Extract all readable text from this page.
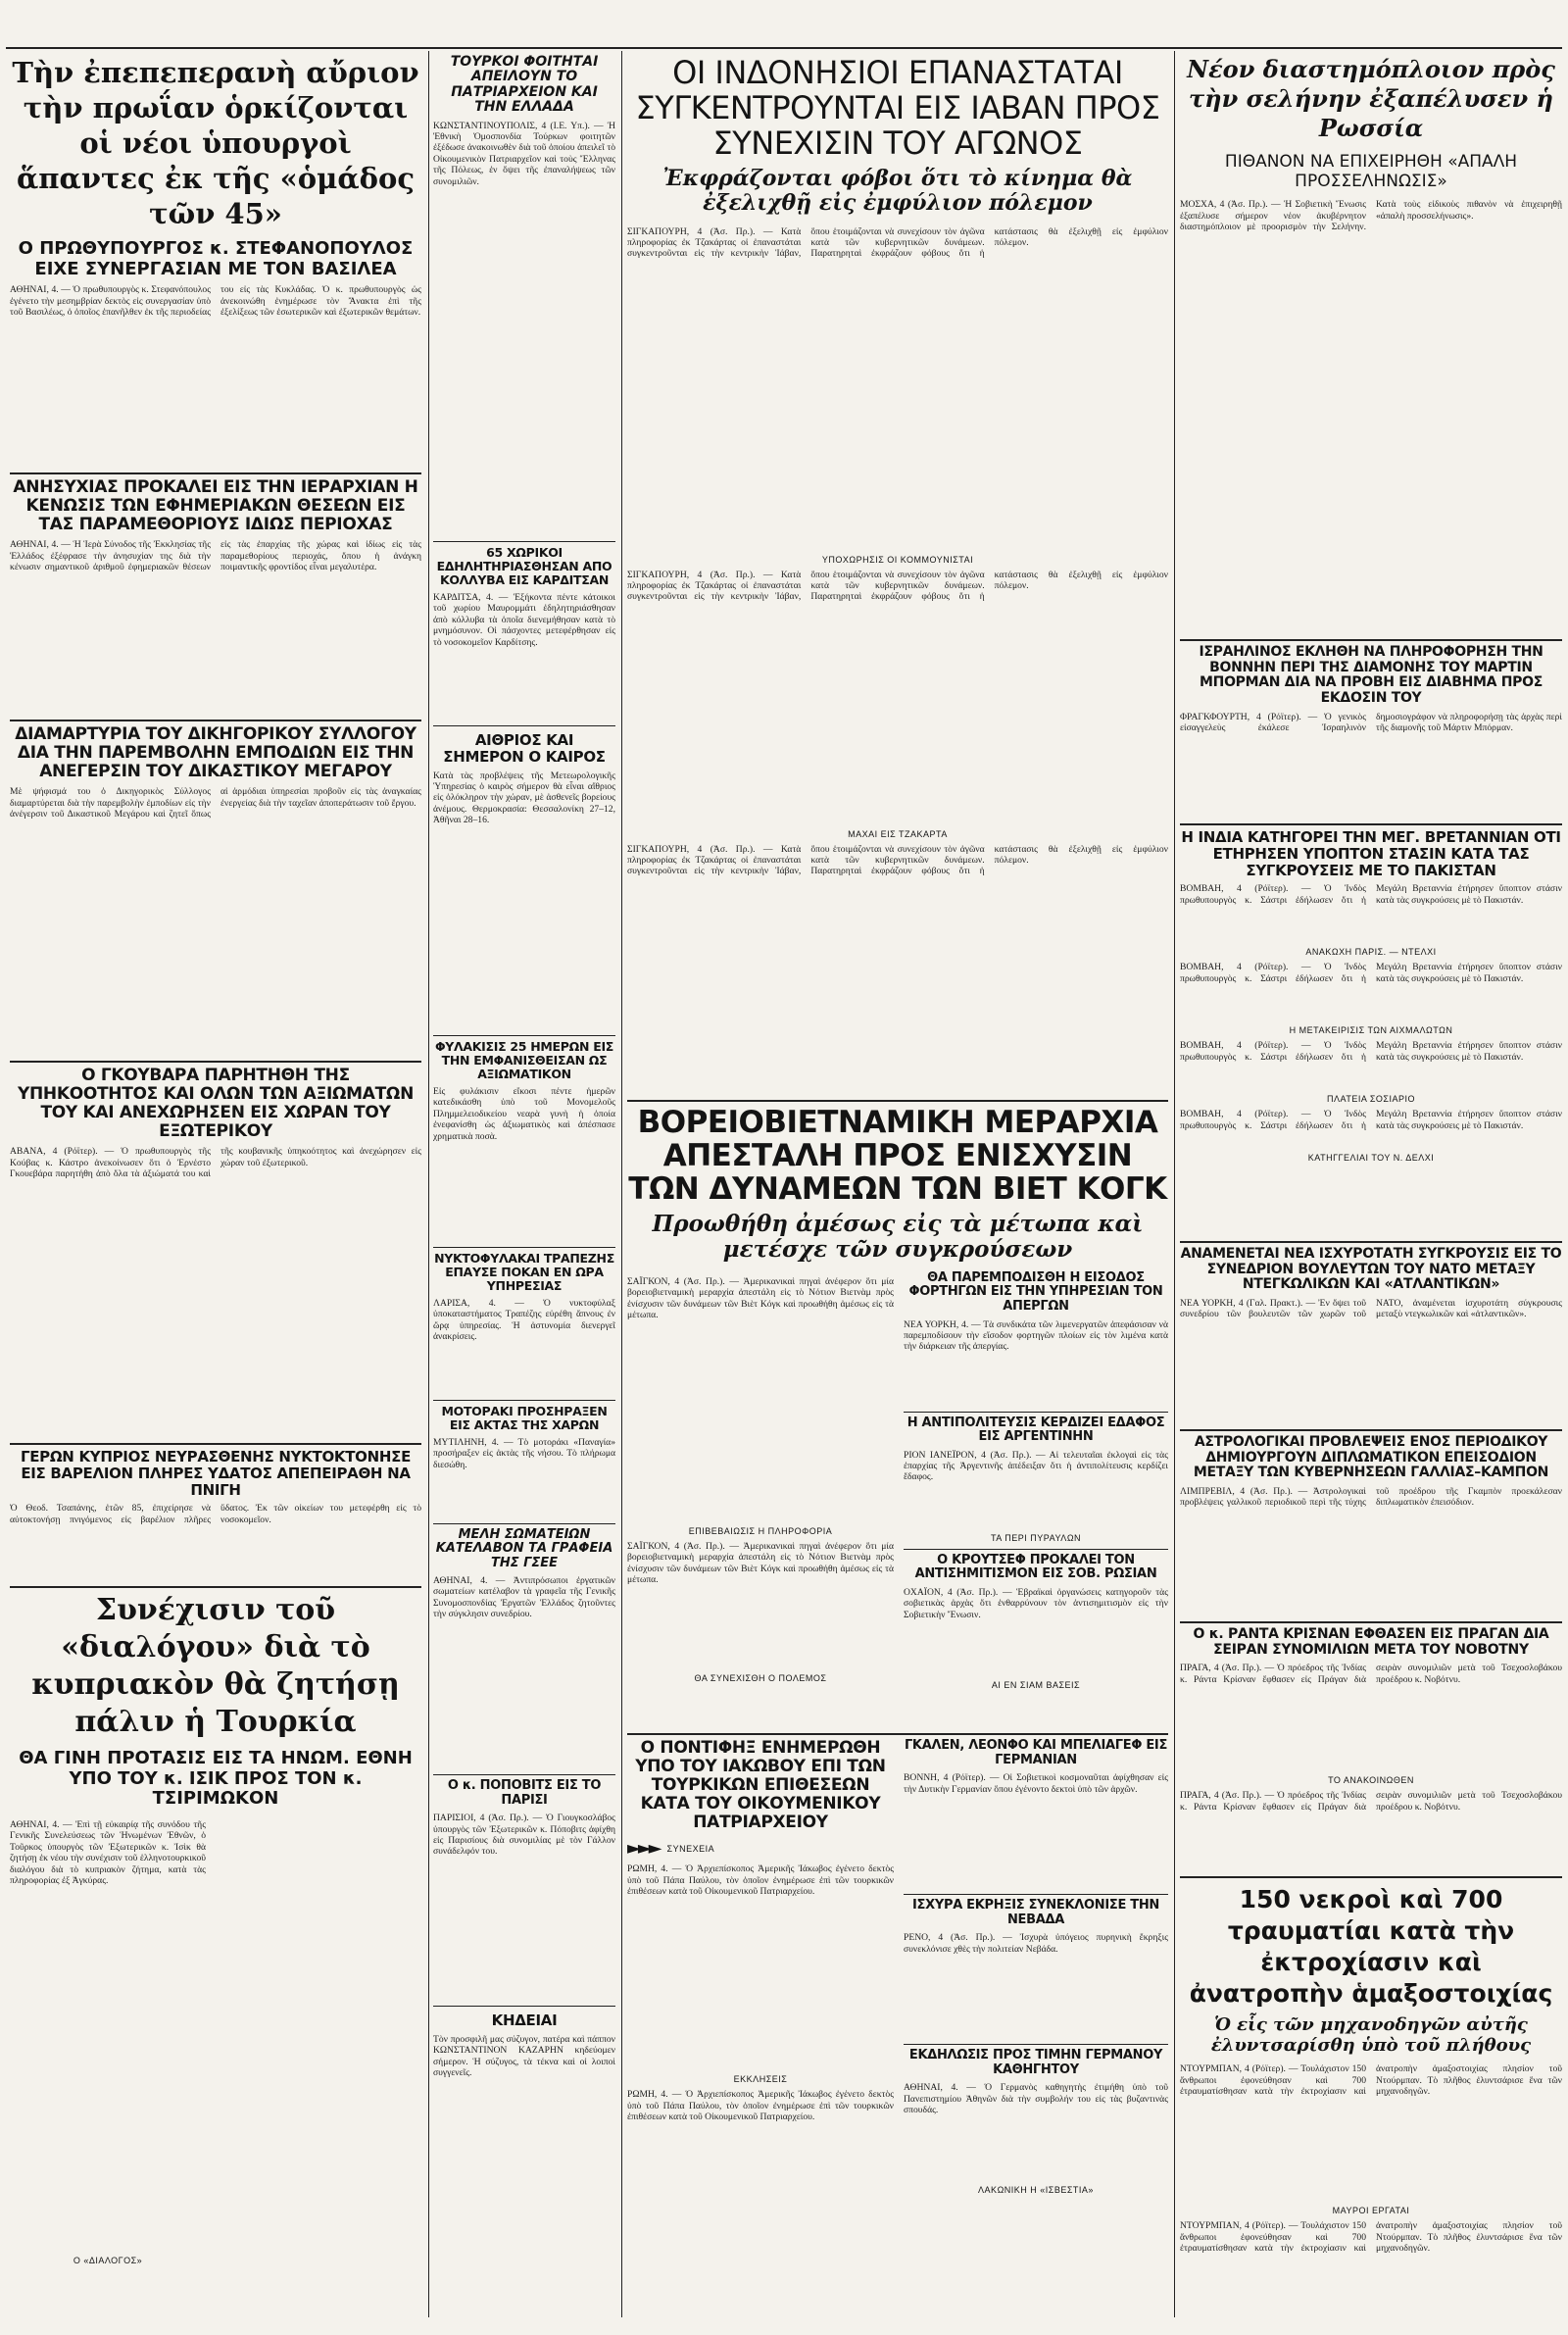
Τὴν ἐπεπεπερανὴ αὔριον τὴν πρωΐαν ὁρκίζονται οἱ νέοι ὑπουργοὶ ἅπαντες ἐκ τῆς «ὁμάδος τῶν 45»
Ο ΠΡΩΘΥΠΟΥΡΓΟΣ κ. ΣΤΕΦΑΝΟΠΟΥΛΟΣ ΕΙΧΕ ΣΥΝΕΡΓΑΣΙΑΝ ΜΕ ΤΟΝ ΒΑΣΙΛΕΑ

ΑΘΗΝΑΙ, 4. — Ὁ πρωθυπουργὸς κ. Στεφανόπουλος ἐγένετο τὴν μεσημβρίαν δεκτὸς εἰς συνεργασίαν ὑπὸ τοῦ Βασιλέως, ὁ ὁποῖος ἐπανῆλθεν ἐκ τῆς περιοδείας του εἰς τὰς Κυκλάδας. Ὁ κ. πρωθυπουργὸς ὡς ἀνεκοινώθη ἐνημέρωσε τὸν Ἄνακτα ἐπὶ τῆς ἐξελίξεως τῶν ἐσωτερικῶν καὶ ἐξωτερικῶν θεμάτων.

ΑΝΗΣΥΧΙΑΣ ΠΡΟΚΑΛΕΙ ΕΙΣ ΤΗΝ ΙΕΡΑΡΧΙΑΝ Η ΚΕΝΩΣΙΣ ΤΩΝ ΕΦΗΜΕΡΙΑΚΩΝ ΘΕΣΕΩΝ ΕΙΣ ΤΑΣ ΠΑΡΑΜΕΘΟΡΙΟΥΣ ΙΔΙΩΣ ΠΕΡΙΟΧΑΣ

ΑΘΗΝΑΙ, 4. — Ἡ Ἱερὰ Σύνοδος τῆς Ἐκκλησίας τῆς Ἑλλάδος ἐξέφρασε τὴν ἀνησυχίαν της διὰ τὴν κένωσιν σημαντικοῦ ἀριθμοῦ ἐφημεριακῶν θέσεων εἰς τὰς ἐπαρχίας τῆς χώρας καὶ ἰδίως εἰς τὰς παραμεθορίους περιοχάς, ὅπου ἡ ἀνάγκη ποιμαντικῆς φροντίδος εἶναι μεγαλυτέρα.

ΔΙΑΜΑΡΤΥΡΙΑ ΤΟΥ ΔΙΚΗΓΟΡΙΚΟΥ ΣΥΛΛΟΓΟΥ ΔΙΑ ΤΗΝ ΠΑΡΕΜΒΟΛΗΝ ΕΜΠΟΔΙΩΝ ΕΙΣ ΤΗΝ ΑΝΕΓΕΡΣΙΝ ΤΟΥ ΔΙΚΑΣΤΙΚΟΥ ΜΕΓΑΡΟΥ

Μὲ ψήφισμά του ὁ Δικηγορικὸς Σύλλογος διαμαρτύρεται διὰ τὴν παρεμβολὴν ἐμποδίων εἰς τὴν ἀνέγερσιν τοῦ Δικαστικοῦ Μεγάρου καὶ ζητεῖ ὅπως αἱ ἁρμόδιαι ὑπηρεσίαι προβοῦν εἰς τὰς ἀναγκαίας ἐνεργείας διὰ τὴν ταχεῖαν ἀποπεράτωσιν τοῦ ἔργου.

Ο ΓΚΟΥΒΑΡΑ ΠΑΡΗΤΗΘΗ ΤΗΣ ΥΠΗΚΟΟΤΗΤΟΣ ΚΑΙ ΟΛΩΝ ΤΩΝ ΑΞΙΩΜΑΤΩΝ ΤΟΥ ΚΑΙ ΑΝΕΧΩΡΗΣΕΝ ΕΙΣ ΧΩΡΑΝ ΤΟΥ ΕΞΩΤΕΡΙΚΟΥ

ΑΒΑΝΑ, 4 (Ρόϊτερ). — Ὁ πρωθυπουργὸς τῆς Κούβας κ. Κάστρο ἀνεκοίνωσεν ὅτι ὁ Ἐρνέστο Γκουεβάρα παρητήθη ἀπὸ ὅλα τὰ ἀξιώματά του καὶ τῆς κουβανικῆς ὑπηκοότητος καὶ ἀνεχώρησεν εἰς χώραν τοῦ ἐξωτερικοῦ.

ΓΕΡΩΝ ΚΥΠΡΙΟΣ ΝΕΥΡΑΣΘΕΝΗΣ ΝΥΚΤΟΚΤΟΝΗΣΕ ΕΙΣ ΒΑΡΕΛΙΟΝ ΠΛΗΡΕΣ ΥΔΑΤΟΣ ΑΠΕΠΕΙΡΑΘΗ ΝΑ ΠΝΙΓΗ

Ὁ Θεοδ. Τσαπάνης, ἐτῶν 85, ἐπιχείρησε νὰ αὐτοκτονήσῃ πνιγόμενος εἰς βαρέλιον πλῆρες ὕδατος. Ἐκ τῶν οἰκείων του μετεφέρθη εἰς τὸ νοσοκομεῖον.

Συνέχισιν τοῦ «διαλόγου» διὰ τὸ κυπριακὸν θὰ ζητήσῃ πάλιν ἡ Τουρκία
ΘΑ ΓΙΝΗ ΠΡΟΤΑΣΙΣ ΕΙΣ ΤΑ ΗΝΩΜ. ΕΘΝΗ ΥΠΟ ΤΟΥ κ. ΙΣΙΚ ΠΡΟΣ ΤΟΝ κ. ΤΣΙΡΙΜΩΚΟΝ

ΑΘΗΝΑΙ, 4. — Ἐπὶ τῇ εὐκαιρίᾳ τῆς συνόδου τῆς Γενικῆς Συνελεύσεως τῶν Ἡνωμένων Ἐθνῶν, ὁ Τοῦρκος ὑπουργὸς τῶν Ἐξωτερικῶν κ. Ἰσὶκ θὰ ζητήσῃ ἐκ νέου τὴν συνέχισιν τοῦ ἑλληνοτουρκικοῦ διαλόγου διὰ τὸ κυπριακὸν ζήτημα, κατὰ τὰς πληροφορίας ἐξ Ἀγκύρας.

Ο «ΔΙΑΛΟΓΟΣ»
ΤΟΥΡΚΟΙ ΦΟΙΤΗΤΑΙ ΑΠΕΙΛΟΥΝ ΤΟ ΠΑΤΡΙΑΡΧΕΙΟΝ ΚΑΙ ΤΗΝ ΕΛΛΑΔΑ

ΚΩΝΣΤΑΝΤΙΝΟΥΠΟΛΙΣ, 4 (Ι.Ε. Υπ.). — Ἡ Ἐθνικὴ Ὁμοσπονδία Τούρκων φοιτητῶν ἐξέδωσε ἀνακοινωθὲν διὰ τοῦ ὁποίου ἀπειλεῖ τὸ Οἰκουμενικὸν Πατριαρχεῖον καὶ τοὺς Ἕλληνας τῆς Πόλεως, ἐν ὄψει τῆς ἐπαναλήψεως τῶν συνομιλιῶν.

65 ΧΩΡΙΚΟΙ ΕΔΗΛΗΤΗΡΙΑΣΘΗΣΑΝ ΑΠΟ ΚΟΛΛΥΒΑ ΕΙΣ ΚΑΡΔΙΤΣΑΝ

ΚΑΡΔΙΤΣΑ, 4. — Ἑξήκοντα πέντε κάτοικοι τοῦ χωρίου Μαυρομμάτι ἐδηλητηριάσθησαν ἀπὸ κόλλυβα τὰ ὁποῖα διενεμήθησαν κατὰ τὸ μνημόσυνον. Οἱ πάσχοντες μετεφέρθησαν εἰς τὸ νοσοκομεῖον Καρδίτσης.

ΑΙΘΡΙΟΣ ΚΑΙ ΣΗΜΕΡΟΝ Ο ΚΑΙΡΟΣ

Κατὰ τὰς προβλέψεις τῆς Μετεωρολογικῆς Ὑπηρεσίας ὁ καιρὸς σήμερον θὰ εἶναι αἴθριος εἰς ὁλόκληρον τὴν χώραν, μὲ ἀσθενεῖς βορείους ἀνέμους. Θερμοκρασία: Θεσσαλονίκη 27–12, Ἀθῆναι 28–16.

ΦΥΛΑΚΙΣΙΣ 25 ΗΜΕΡΩΝ ΕΙΣ ΤΗΝ ΕΜΦΑΝΙΣΘΕΙΣΑΝ ΩΣ ΑΞΙΩΜΑΤΙΚΟΝ

Εἰς φυλάκισιν εἴκοσι πέντε ἡμερῶν κατεδικάσθη ὑπὸ τοῦ Μονομελοῦς Πλημμελειοδικείου νεαρὰ γυνὴ ἡ ὁποία ἐνεφανίσθη ὡς ἀξιωματικὸς καὶ ἀπέσπασε χρηματικὰ ποσὰ.

ΝΥΚΤΟΦΥΛΑΚΑΙ ΤΡΑΠΕΖΗΣ ΕΠΑΥΣΕ ΠΟΚΑΝ ΕΝ ΩΡΑ ΥΠΗΡΕΣΙΑΣ

ΛΑΡΙΣΑ, 4. — Ὁ νυκτοφύλαξ ὑποκαταστήματος Τραπέζης εὑρέθη ἄπνους ἐν ὥρᾳ ὑπηρεσίας. Ἡ ἀστυνομία διενεργεῖ ἀνακρίσεις.

ΜΟΤΟΡΑΚΙ ΠΡΟΣΗΡΑΞΕΝ ΕΙΣ ΑΚΤΑΣ ΤΗΣ ΧΑΡΩΝ

ΜΥΤΙΛΗΝΗ, 4. — Τὸ μοτοράκι «Παναγία» προσήραξεν εἰς ἀκτὰς τῆς νήσου. Τὸ πλήρωμα διεσώθη.

ΜΕΛΗ ΣΩΜΑΤΕΙΩΝ ΚΑΤΕΛΑΒΟΝ ΤΑ ΓΡΑΦΕΙΑ ΤΗΣ ΓΣΕΕ

ΑΘΗΝΑΙ, 4. — Ἀντιπρόσωποι ἐργατικῶν σωματείων κατέλαβον τὰ γραφεῖα τῆς Γενικῆς Συνομοσπονδίας Ἐργατῶν Ἑλλάδος ζητοῦντες τὴν σύγκλησιν συνεδρίου.

Ο κ. ΠΟΠΟΒΙΤΣ ΕΙΣ ΤΟ ΠΑΡΙΣΙ

ΠΑΡΙΣΙΟΙ, 4 (Ἀσ. Πρ.). — Ὁ Γιουγκοσλάβος ὑπουργὸς τῶν Ἐξωτερικῶν κ. Πόποβιτς ἀφίχθη εἰς Παρισίους διὰ συνομιλίας μὲ τὸν Γάλλον συνάδελφόν του.

ΚΗΔΕΙΑΙ

Τὸν προσφιλῆ μας σύζυγον, πατέρα καὶ πάππον ΚΩΝΣΤΑΝΤΙΝΟΝ ΚΑΖΑΡΗΝ κηδεύομεν σήμερον. Ἡ σύζυγος, τὰ τέκνα καὶ οἱ λοιποὶ συγγενεῖς.

ΟΙ ΙΝΔΟΝΗΣΙΟΙ ΕΠΑΝΑΣΤΑΤΑΙ ΣΥΓΚΕΝΤΡΟΥΝΤΑΙ ΕΙΣ ΙΑΒΑΝ ΠΡΟΣ ΣΥΝΕΧΙΣΙΝ ΤΟΥ ΑΓΩΝΟΣ
Ἐκφράζονται φόβοι ὅτι τὸ κίνημα θὰ ἐξελιχθῇ εἰς ἐμφύλιον πόλεμον

ΣΙΓΚΑΠΟΥΡΗ, 4 (Ἀσ. Πρ.). — Κατὰ πληροφορίας ἐκ Τζακάρτας οἱ ἐπαναστάται συγκεντροῦνται εἰς τὴν κεντρικὴν Ἰάβαν, ὅπου ἑτοιμάζονται νὰ συνεχίσουν τὸν ἀγῶνα κατὰ τῶν κυβερνητικῶν δυνάμεων. Παρατηρηταὶ ἐκφράζουν φόβους ὅτι ἡ κατάστασις θὰ ἐξελιχθῇ εἰς ἐμφύλιον πόλεμον.

ΥΠΟΧΩΡΗΣΙΣ ΟΙ ΚΟΜΜΟΥΝΙΣΤΑΙ

ΣΙΓΚΑΠΟΥΡΗ, 4 (Ἀσ. Πρ.). — Κατὰ πληροφορίας ἐκ Τζακάρτας οἱ ἐπαναστάται συγκεντροῦνται εἰς τὴν κεντρικὴν Ἰάβαν, ὅπου ἑτοιμάζονται νὰ συνεχίσουν τὸν ἀγῶνα κατὰ τῶν κυβερνητικῶν δυνάμεων. Παρατηρηταὶ ἐκφράζουν φόβους ὅτι ἡ κατάστασις θὰ ἐξελιχθῇ εἰς ἐμφύλιον πόλεμον.

ΜΑΧΑΙ ΕΙΣ ΤΖΑΚΑΡΤΑ

ΣΙΓΚΑΠΟΥΡΗ, 4 (Ἀσ. Πρ.). — Κατὰ πληροφορίας ἐκ Τζακάρτας οἱ ἐπαναστάται συγκεντροῦνται εἰς τὴν κεντρικὴν Ἰάβαν, ὅπου ἑτοιμάζονται νὰ συνεχίσουν τὸν ἀγῶνα κατὰ τῶν κυβερνητικῶν δυνάμεων. Παρατηρηταὶ ἐκφράζουν φόβους ὅτι ἡ κατάστασις θὰ ἐξελιχθῇ εἰς ἐμφύλιον πόλεμον.

ΒΟΡΕΙΟΒΙΕΤΝΑΜΙΚΗ ΜΕΡΑΡΧΙΑ ΑΠΕΣΤΑΛΗ ΠΡΟΣ ΕΝΙΣΧΥΣΙΝ ΤΩΝ ΔΥΝΑΜΕΩΝ ΤΩΝ ΒΙΕΤ ΚΟΓΚ
Προωθήθη ἀμέσως εἰς τὰ μέτωπα καὶ μετέσχε τῶν συγκρούσεων

ΣΑΪΓΚΟΝ, 4 (Ἀσ. Πρ.). — Ἀμερικανικαὶ πηγαὶ ἀνέφερον ὅτι μία βορειοβιετναμικὴ μεραρχία ἀπεστάλη εἰς τὸ Νότιον Βιετνὰμ πρὸς ἐνίσχυσιν τῶν δυνάμεων τῶν Βιὲτ Κόγκ καὶ προωθήθη ἀμέσως εἰς τὰ μέτωπα.

ΕΠΙΒΕΒΑΙΩΣΙΣ Η ΠΛΗΡΟΦΟΡΙΑ

ΣΑΪΓΚΟΝ, 4 (Ἀσ. Πρ.). — Ἀμερικανικαὶ πηγαὶ ἀνέφερον ὅτι μία βορειοβιετναμικὴ μεραρχία ἀπεστάλη εἰς τὸ Νότιον Βιετνὰμ πρὸς ἐνίσχυσιν τῶν δυνάμεων τῶν Βιὲτ Κόγκ καὶ προωθήθη ἀμέσως εἰς τὰ μέτωπα.

ΘΑ ΣΥΝΕΧΙΣΘΗ Ο ΠΟΛΕΜΟΣ
ΘΑ ΠΑΡΕΜΠΟΔΙΣΘΗ Η ΕΙΣΟΔΟΣ ΦΟΡΤΗΓΩΝ ΕΙΣ ΤΗΝ ΥΠΗΡΕΣΙΑΝ ΤΟΝ ΑΠΕΡΓΩΝ

ΝΕΑ ΥΟΡΚΗ, 4. — Τὰ συνδικάτα τῶν λιμενεργατῶν ἀπεφάσισαν νὰ παρεμποδίσουν τὴν εἴσοδον φορτηγῶν πλοίων εἰς τὸν λιμένα κατὰ τὴν διάρκειαν τῆς ἀπεργίας.

Η ΑΝΤΙΠΟΛΙΤΕΥΣΙΣ ΚΕΡΔΙΖΕΙ ΕΔΑΦΟΣ ΕΙΣ ΑΡΓΕΝΤΙΝΗΝ

ΡΙΟΝ ΙΑΝΕΪΡΟΝ, 4 (Ἀσ. Πρ.). — Αἱ τελευταῖαι ἐκλογαὶ εἰς τὰς ἐπαρχίας τῆς Ἀργεντινῆς ἀπέδειξαν ὅτι ἡ ἀντιπολίτευσις κερδίζει ἔδαφος.

ΤΑ ΠΕΡΙ ΠΥΡΑΥΛΩΝ
Ο ΚΡΟΥΤΣΕΦ ΠΡΟΚΑΛΕΙ ΤΟΝ ΑΝΤΙΣΗΜΙΤΙΣΜΟΝ ΕΙΣ ΣΟΒ. ΡΩΣΙΑΝ

ΟΧΑΪΟΝ, 4 (Ἀσ. Πρ.). — Ἑβραϊκαὶ ὀργανώσεις κατηγοροῦν τὰς σοβιετικὰς ἀρχὰς ὅτι ἐνθαρρύνουν τὸν ἀντισημιτισμὸν εἰς τὴν Σοβιετικὴν Ἕνωσιν.

ΑΙ ΕΝ ΣΙΑΜ ΒΑΣΕΙΣ
Ο ΠΟΝΤΙΦΗΞ ΕΝΗΜΕΡΩΘΗ ΥΠΟ ΤΟΥ ΙΑΚΩΒΟΥ ΕΠΙ ΤΩΝ ΤΟΥΡΚΙΚΩΝ ΕΠΙΘΕΣΕΩΝ ΚΑΤΑ ΤΟΥ ΟΙΚΟΥΜΕΝΙΚΟΥ ΠΑΤΡΙΑΡΧΕΙΟΥ
►►► ΣΥΝΕΧΕΙΑ

ΡΩΜΗ, 4. — Ὁ Ἀρχιεπίσκοπος Ἀμερικῆς Ἰάκωβος ἐγένετο δεκτὸς ὑπὸ τοῦ Πάπα Παύλου, τὸν ὁποῖον ἐνημέρωσε ἐπὶ τῶν τουρκικῶν ἐπιθέσεων κατὰ τοῦ Οἰκουμενικοῦ Πατριαρχείου.

ΕΚΚΛΗΣΕΙΣ

ΡΩΜΗ, 4. — Ὁ Ἀρχιεπίσκοπος Ἀμερικῆς Ἰάκωβος ἐγένετο δεκτὸς ὑπὸ τοῦ Πάπα Παύλου, τὸν ὁποῖον ἐνημέρωσε ἐπὶ τῶν τουρκικῶν ἐπιθέσεων κατὰ τοῦ Οἰκουμενικοῦ Πατριαρχείου.

ΓΚΑΛΕΝ, ΛΕΟΝΦΟ ΚΑΙ ΜΠΕΛΙΑΓΕΦ ΕΙΣ ΓΕΡΜΑΝΙΑΝ

ΒΟΝΝΗ, 4 (Ρόϊτερ). — Οἱ Σοβιετικοὶ κοσμοναῦται ἀφίχθησαν εἰς τὴν Δυτικὴν Γερμανίαν ὅπου ἐγένοντο δεκτοὶ ὑπὸ τῶν ἀρχῶν.

ΙΣΧΥΡΑ ΕΚΡΗΞΙΣ ΣΥΝΕΚΛΟΝΙΣΕ ΤΗΝ ΝΕΒΑΔΑ

ΡΕΝΟ, 4 (Ἀσ. Πρ.). — Ἰσχυρὰ ὑπόγειος πυρηνικὴ ἔκρηξις συνεκλόνισε χθὲς τὴν πολιτείαν Νεβάδα.

ΕΚΔΗΛΩΣΙΣ ΠΡΟΣ ΤΙΜΗΝ ΓΕΡΜΑΝΟΥ ΚΑΘΗΓΗΤΟΥ

ΑΘΗΝΑΙ, 4. — Ὁ Γερμανὸς καθηγητὴς ἐτιμήθη ὑπὸ τοῦ Πανεπιστημίου Ἀθηνῶν διὰ τὴν συμβολήν του εἰς τὰς βυζαντινὰς σπουδάς.

ΛΑΚΩΝΙΚΗ Η «ΙΣΒΕΣΤΙΑ»
Νέον διαστημόπλοιον πρὸς τὴν σελήνην ἐξαπέλυσεν ἡ Ρωσσία
ΠΙΘΑΝΟΝ ΝΑ ΕΠΙΧΕΙΡΗΘΗ «ΑΠΑΛΗ ΠΡΟΣΣΕΛΗΝΩΣΙΣ»

ΜΟΣΧΑ, 4 (Ἀσ. Πρ.). — Ἡ Σοβιετικὴ Ἕνωσις ἐξαπέλυσε σήμερον νέον ἀκυβέρνητον διαστημόπλοιον μὲ προορισμὸν τὴν Σελήνην. Κατὰ τοὺς εἰδικοὺς πιθανὸν νὰ ἐπιχειρηθῇ «ἀπαλὴ προσσελήνωσις».

ΙΣΡΑΗΛΙΝΟΣ ΕΚΛΗΘΗ ΝΑ ΠΛΗΡΟΦΟΡΗΣΗ ΤΗΝ ΒΟΝΝΗΝ ΠΕΡΙ ΤΗΣ ΔΙΑΜΟΝΗΣ ΤΟΥ ΜΑΡΤΙΝ ΜΠΟΡΜΑΝ ΔΙΑ ΝΑ ΠΡΟΒΗ ΕΙΣ ΔΙΑΒΗΜΑ ΠΡΟΣ ΕΚΔΟΣΙΝ ΤΟΥ

ΦΡΑΓΚΦΟΥΡΤΗ, 4 (Ρόϊτερ). — Ὁ γενικὸς εἰσαγγελεὺς ἐκάλεσε Ἰσραηλινὸν δημοσιογράφον νὰ πληροφορήσῃ τὰς ἀρχὰς περὶ τῆς διαμονῆς τοῦ Μάρτιν Μπόρμαν.

Η ΙΝΔΙΑ ΚΑΤΗΓΟΡΕΙ ΤΗΝ ΜΕΓ. ΒΡΕΤΑΝΝΙΑΝ ΟΤΙ ΕΤΗΡΗΣΕΝ ΥΠΟΠΤΟΝ ΣΤΑΣΙΝ ΚΑΤΑ ΤΑΣ ΣΥΓΚΡΟΥΣΕΙΣ ΜΕ ΤΟ ΠΑΚΙΣΤΑΝ

ΒΟΜΒΑΗ, 4 (Ρόϊτερ). — Ὁ Ἰνδὸς πρωθυπουργὸς κ. Σάστρι ἐδήλωσεν ὅτι ἡ Μεγάλη Βρεταννία ἐτήρησεν ὕποπτον στάσιν κατὰ τὰς συγκρούσεις μὲ τὸ Πακιστάν.

ΑΝΑΚΩΧΗ ΠΑΡΙΣ. — ΝΤΕΛΧΙ

ΒΟΜΒΑΗ, 4 (Ρόϊτερ). — Ὁ Ἰνδὸς πρωθυπουργὸς κ. Σάστρι ἐδήλωσεν ὅτι ἡ Μεγάλη Βρεταννία ἐτήρησεν ὕποπτον στάσιν κατὰ τὰς συγκρούσεις μὲ τὸ Πακιστάν.

Η ΜΕΤΑΚΕΙΡΙΣΙΣ ΤΩΝ ΑΙΧΜΑΛΩΤΩΝ

ΒΟΜΒΑΗ, 4 (Ρόϊτερ). — Ὁ Ἰνδὸς πρωθυπουργὸς κ. Σάστρι ἐδήλωσεν ὅτι ἡ Μεγάλη Βρεταννία ἐτήρησεν ὕποπτον στάσιν κατὰ τὰς συγκρούσεις μὲ τὸ Πακιστάν.

ΠΛΑΤΕΙΑ ΣΟΣΙΑΡΙΟ

ΒΟΜΒΑΗ, 4 (Ρόϊτερ). — Ὁ Ἰνδὸς πρωθυπουργὸς κ. Σάστρι ἐδήλωσεν ὅτι ἡ Μεγάλη Βρεταννία ἐτήρησεν ὕποπτον στάσιν κατὰ τὰς συγκρούσεις μὲ τὸ Πακιστάν.

ΚΑΤΗΓΓΕΛΙΑΙ ΤΟΥ Ν. ΔΕΛΧΙ
ΑΝΑΜΕΝΕΤΑΙ ΝΕΑ ΙΣΧΥΡΟΤΑΤΗ ΣΥΓΚΡΟΥΣΙΣ ΕΙΣ ΤΟ ΣΥΝΕΔΡΙΟΝ ΒΟΥΛΕΥΤΩΝ ΤΟΥ ΝΑΤΟ ΜΕΤΑΞΥ ΝΤΕΓΚΩΛΙΚΩΝ ΚΑΙ «ΑΤΛΑΝΤΙΚΩΝ»

ΝΕΑ ΥΟΡΚΗ, 4 (Γαλ. Πρακτ.). — Ἐν ὄψει τοῦ συνεδρίου τῶν βουλευτῶν τῶν χωρῶν τοῦ ΝΑΤΟ, ἀναμένεται ἰσχυροτάτη σύγκρουσις μεταξὺ ντεγκωλικῶν καὶ «ἀτλαντικῶν».

ΑΣΤΡΟΛΟΓΙΚΑΙ ΠΡΟΒΛΕΨΕΙΣ ΕΝΟΣ ΠΕΡΙΟΔΙΚΟΥ ΔΗΜΙΟΥΡΓΟΥΝ ΔΙΠΛΩΜΑΤΙΚΟΝ ΕΠΕΙΣΟΔΙΟΝ ΜΕΤΑΞΥ ΤΩΝ ΚΥΒΕΡΝΗΣΕΩΝ ΓΑΛΛΙΑΣ–ΚΑΜΠΟΝ

ΛΙΜΠΡΕΒΙΛ, 4 (Ἀσ. Πρ.). — Ἀστρολογικαὶ προβλέψεις γαλλικοῦ περιοδικοῦ περὶ τῆς τύχης τοῦ προέδρου τῆς Γκαμπὸν προεκάλεσαν διπλωματικὸν ἐπεισόδιον.

Ο κ. ΡΑΝΤΑ ΚΡΙΣΝΑΝ ΕΦΘΑΣΕΝ ΕΙΣ ΠΡΑΓΑΝ ΔΙΑ ΣΕΙΡΑΝ ΣΥΝΟΜΙΛΙΩΝ ΜΕΤΑ ΤΟΥ ΝΟΒΟΤΝΥ

ΠΡΑΓΑ, 4 (Ἀσ. Πρ.). — Ὁ πρόεδρος τῆς Ἰνδίας κ. Ράντα Κρίσναν ἔφθασεν εἰς Πράγαν διὰ σειρὰν συνομιλιῶν μετὰ τοῦ Τσεχοσλοβάκου προέδρου κ. Νοβότνυ.

ΤΟ ΑΝΑΚΟΙΝΩΘΕΝ

ΠΡΑΓΑ, 4 (Ἀσ. Πρ.). — Ὁ πρόεδρος τῆς Ἰνδίας κ. Ράντα Κρίσναν ἔφθασεν εἰς Πράγαν διὰ σειρὰν συνομιλιῶν μετὰ τοῦ Τσεχοσλοβάκου προέδρου κ. Νοβότνυ.

150 νεκροὶ καὶ 700 τραυματίαι κατὰ τὴν ἐκτροχίασιν καὶ ἀνατροπὴν ἁμαξοστοιχίας
Ὁ εἷς τῶν μηχανοδηγῶν αὐτῆς ἐλυντσαρίσθη ὑπὸ τοῦ πλήθους

ΝΤΟΥΡΜΠΑΝ, 4 (Ρόϊτερ). — Τουλάχιστον 150 ἄνθρωποι ἐφονεύθησαν καὶ 700 ἐτραυματίσθησαν κατὰ τὴν ἐκτροχίασιν καὶ ἀνατροπὴν ἁμαξοστοιχίας πλησίον τοῦ Ντούρμπαν. Τὸ πλῆθος ἐλυντσάρισε ἕνα τῶν μηχανοδηγῶν.

ΜΑΥΡΟΙ ΕΡΓΑΤΑΙ

ΝΤΟΥΡΜΠΑΝ, 4 (Ρόϊτερ). — Τουλάχιστον 150 ἄνθρωποι ἐφονεύθησαν καὶ 700 ἐτραυματίσθησαν κατὰ τὴν ἐκτροχίασιν καὶ ἀνατροπὴν ἁμαξοστοιχίας πλησίον τοῦ Ντούρμπαν. Τὸ πλῆθος ἐλυντσάρισε ἕνα τῶν μηχανοδηγῶν.
